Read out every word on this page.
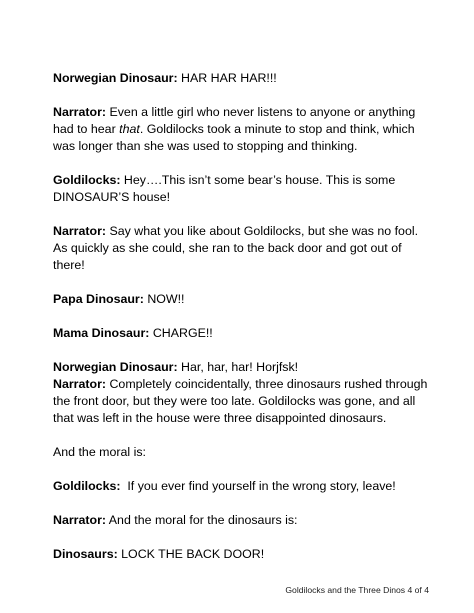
Norwegian Dinosaur: HAR HAR HAR!!!

Narrator: Even a little girl who never listens to anyone or anything had to hear that. Goldilocks took a minute to stop and think, which was longer than she was used to stopping and thinking.

Goldilocks: Hey….This isn’t some bear’s house. This is some DINOSAUR’S house!

Narrator: Say what you like about Goldilocks, but she was no fool. As quickly as she could, she ran to the back door and got out of there!

Papa Dinosaur: NOW!!

Mama Dinosaur: CHARGE!!

Norwegian Dinosaur: Har, har, har! Horjfsk!

Narrator: Completely coincidentally, three dinosaurs rushed through the front door, but they were too late. Goldilocks was gone, and all that was left in the house were three disappointed dinosaurs.

And the moral is:

Goldilocks:  If you ever find yourself in the wrong story, leave!

Narrator: And the moral for the dinosaurs is:

Dinosaurs: LOCK THE BACK DOOR!

Goldilocks and the Three Dinos 4 of 4
